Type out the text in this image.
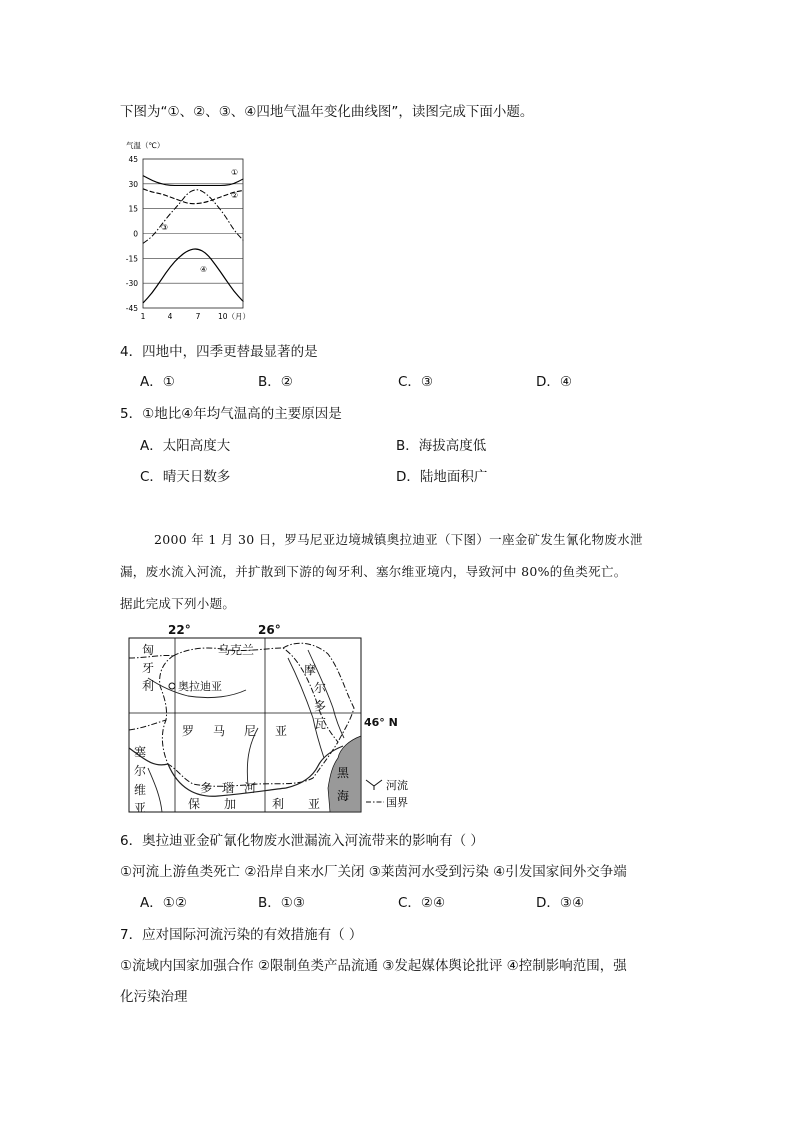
下图为“①、②、③、④四地气温年变化曲线图”，读图完成下面小题。
气温（℃）
45
30
15
0
-15
-30
-45
①
②
③
④
1	4	7 10（月）
4．四地中，四季更替最显著的是
A．①	B．②	C．③	D．④
5．①地比④年均气温高的主要原因是
A．太阳高度大	B．海拔高度低
C．晴天日数多	D．陆地面积广
2000 年 1 月 30 日，罗马尼亚边境城镇奥拉迪亚（下图）一座金矿发生氰化物废水泄
漏，废水流入河流，并扩散到下游的匈牙利、塞尔维亚境内，导致河中 80%的鱼类死亡。
据此完成下列小题。
22°	26°
46° N
匈
牙
利
乌克兰
摩
尔
多
瓦
奥拉迪亚
罗 马 尼 亚
塞
尔
维
亚
多 瑙 河
保 加	利 亚
黑
海
河流
国界
6．奥拉迪亚金矿氰化物废水泄漏流入河流带来的影响有（ ）
①河流上游鱼类死亡 ②沿岸自来水厂关闭 ③莱茵河水受到污染 ④引发国家间外交争端
A．①②	B．①③	C．②④	D．③④
7．应对国际河流污染的有效措施有（ ）
①流域内国家加强合作 ②限制鱼类产品流通 ③发起媒体舆论批评 ④控制影响范围，强
化污染治理
